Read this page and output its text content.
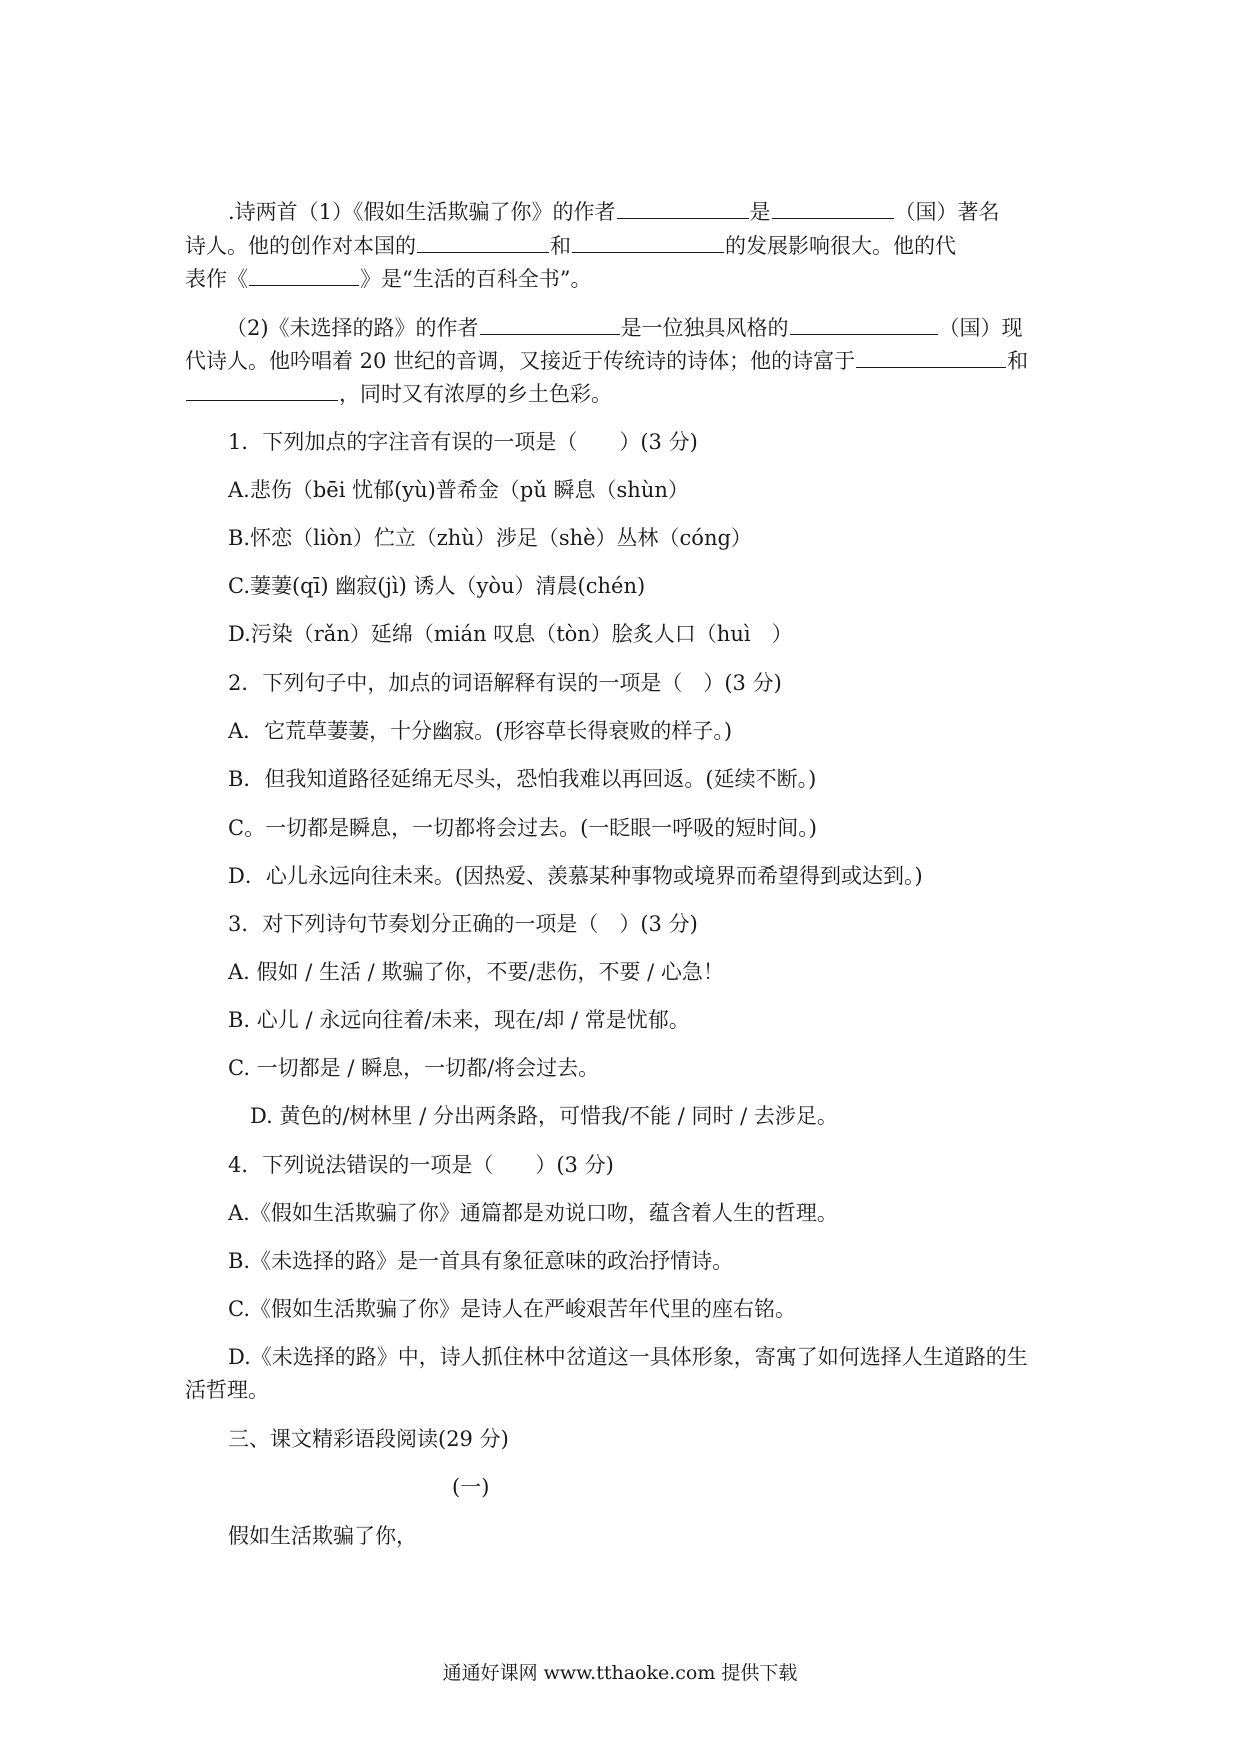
.诗两首（1）《假如生活欺骗了你》的作者	是	（国）著名
诗人。他的创作对本国的	和	的发展影响很大。他的代
表作《	》是“生活的百科全书”。
（2)《未选择的路》的作者	是一位独具风格的	（国）现
代诗人。他吟唱着 20 世纪的音调，又接近于传统诗的诗体；他的诗富于	和
，同时又有浓厚的乡土色彩。
1．下列加点的字注音有误的一项是（　　）(3 分)
A.悲伤（bēi 忧郁(yù)普希金（pǔ 瞬息（shùn）
B.怀恋（liòn）伫立（zhù）涉足（shè）丛林（cóng）
C.萋萋(qī) 幽寂(jì) 诱人（yòu）清晨(chén)
D.污染（rǎn）延绵（mián 叹息（tòn）脍炙人口（huì　）
2．下列句子中，加点的词语解释有误的一项是（　）(3 分)
A．它荒草萋萋，十分幽寂。(形容草长得衰败的样子。)
B．但我知道路径延绵无尽头，恐怕我难以再回返。(延续不断。)
C。一切都是瞬息，一切都将会过去。(一眨眼一呼吸的短时间。)
D．心儿永远向往未来。(因热爱、羡慕某种事物或境界而希望得到或达到。)
3．对下列诗句节奏划分正确的一项是（　）(3 分)
A. 假如 / 生活 / 欺骗了你，不要/悲伤，不要 / 心急！
B. 心儿 / 永远向往着/未来，现在/却 / 常是忧郁。
C. 一切都是 / 瞬息，一切都/将会过去。
D. 黄色的/树林里 / 分出两条路，可惜我/不能 / 同时 / 去涉足。
4．下列说法错误的一项是（　　）(3 分)
A.《假如生活欺骗了你》通篇都是劝说口吻，蕴含着人生的哲理。
B.《未选择的路》是一首具有象征意味的政治抒情诗。
C.《假如生活欺骗了你》是诗人在严峻艰苦年代里的座右铭。
D.《未选择的路》中，诗人抓住林中岔道这一具体形象，寄寓了如何选择人生道路的生
活哲理。
三、课文精彩语段阅读(29 分)
(一)
假如生活欺骗了你，
通通好课网 www.tthaoke.com 提供下载
